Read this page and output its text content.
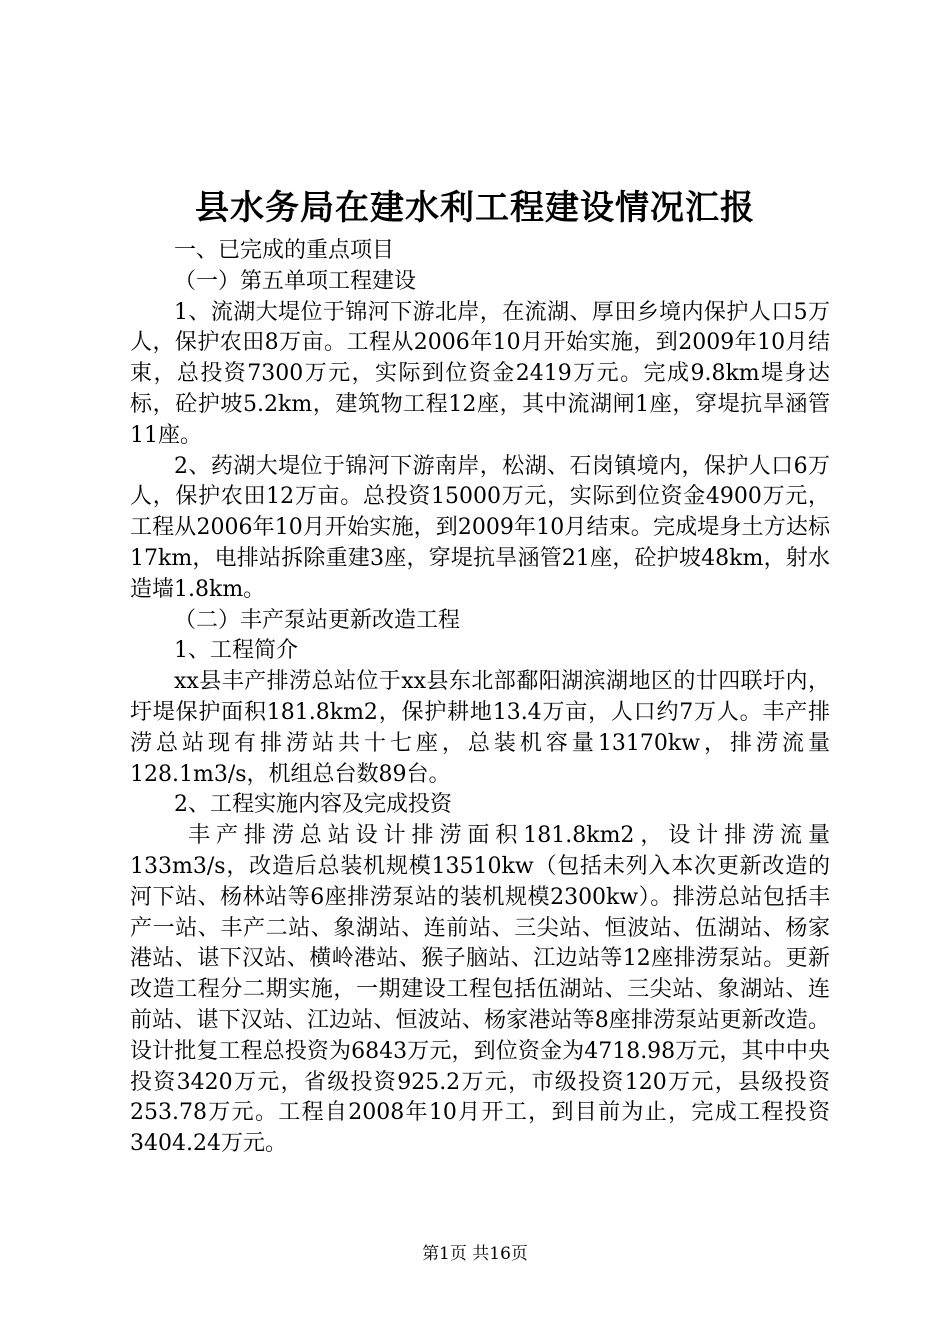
县水务局在建水利工程建设情况汇报

一、已完成的重点项目

（一）第五单项工程建设

1、流湖大堤位于锦河下游北岸，在流湖、厚田乡境内保护人口5万人，保护农田8万亩。工程从2006年10月开始实施，到2009年10月结束，总投资7300万元，实际到位资金2419万元。完成9.8km堤身达标，砼护坡5.2km，建筑物工程12座，其中流湖闸1座，穿堤抗旱涵管11座。

2、药湖大堤位于锦河下游南岸，松湖、石岗镇境内，保护人口6万人，保护农田12万亩。总投资15000万元，实际到位资金4900万元，工程从2006年10月开始实施，到2009年10月结束。完成堤身土方达标17km，电排站拆除重建3座，穿堤抗旱涵管21座，砼护坡48km，射水造墙1.8km。

（二）丰产泵站更新改造工程

1、工程简介

xx县丰产排涝总站位于xx县东北部鄱阳湖滨湖地区的廿四联圩内，圩堤保护面积181.8km2，保护耕地13.4万亩，人口约7万人。丰产排涝总站现有排涝站共十七座，总装机容量13170kw，排涝流量128.1m3/s，机组总台数89台。

2、工程实施内容及完成投资

丰产排涝总站设计排涝面积181.8km2，设计排涝流量133m3/s，改造后总装机规模13510kw（包括未列入本次更新改造的河下站、杨林站等6座排涝泵站的装机规模2300kw）。排涝总站包括丰产一站、丰产二站、象湖站、连前站、三尖站、恒波站、伍湖站、杨家港站、谌下汉站、横岭港站、猴子脑站、江边站等12座排涝泵站。更新改造工程分二期实施，一期建设工程包括伍湖站、三尖站、象湖站、连前站、谌下汉站、江边站、恒波站、杨家港站等8座排涝泵站更新改造。设计批复工程总投资为6843万元，到位资金为4718.98万元，其中中央投资3420万元，省级投资925.2万元，市级投资120万元，县级投资253.78万元。工程自2008年10月开工，到目前为止，完成工程投资3404.24万元。

第1页 共16页
